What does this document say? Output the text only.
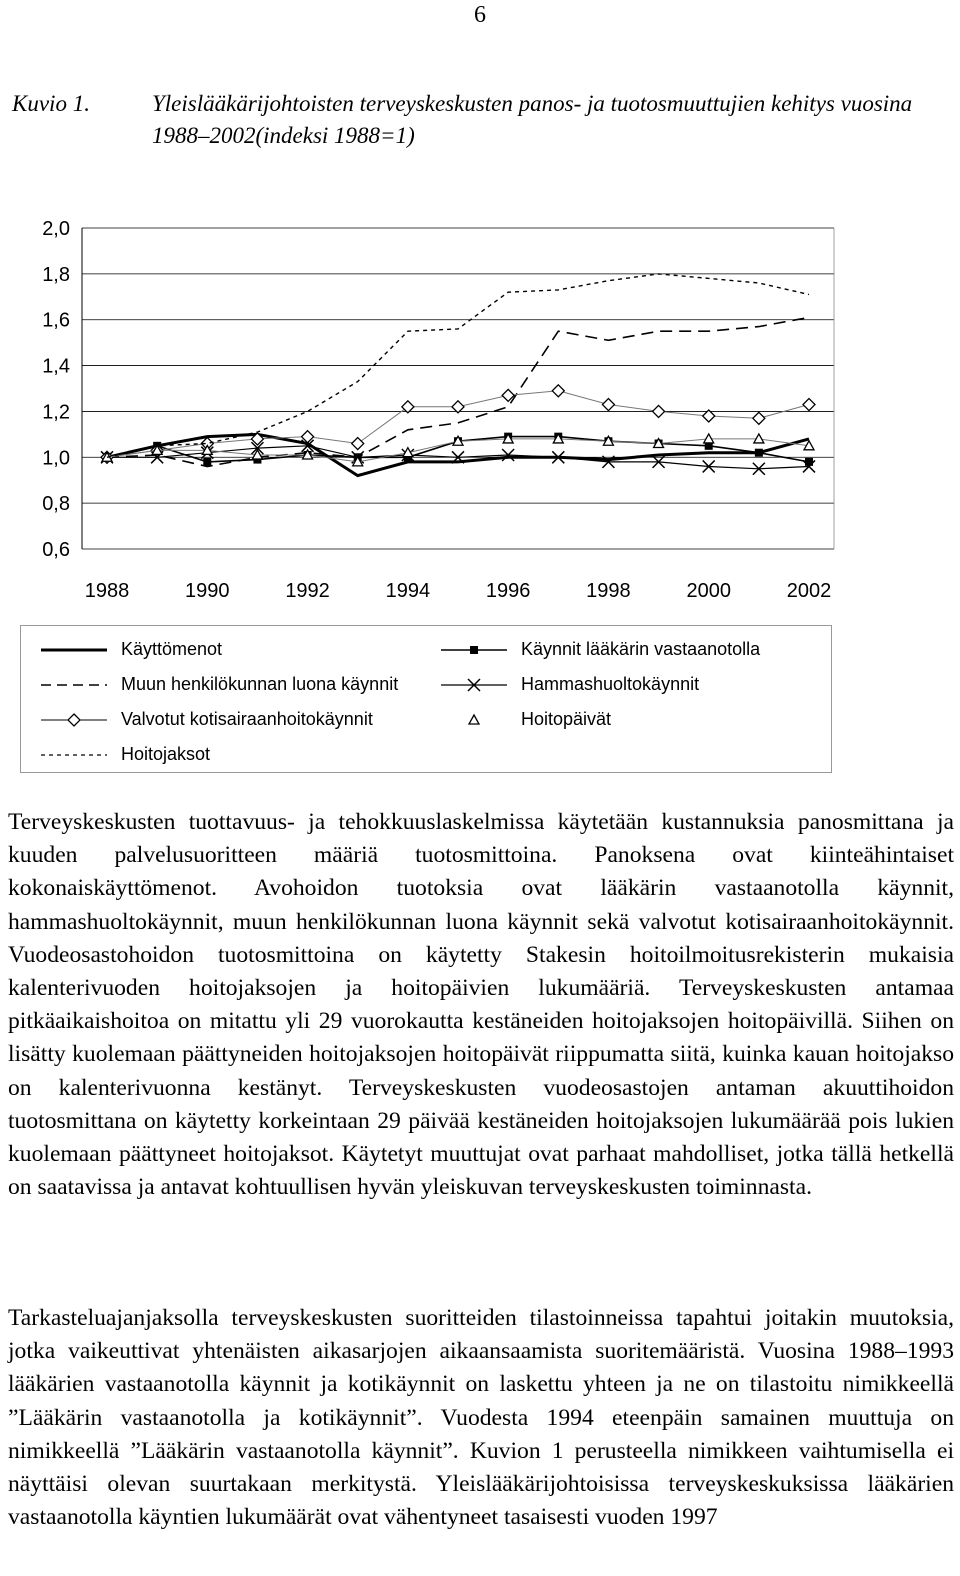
6
Kuvio 1.	Yleislääkärijohtoisten terveyskeskusten panos- ja tuotosmuuttujien kehitys vuosina 1988–2002(indeksi 1988=1)
2,0
1,8
1,6
1,4
1,2
1,0
0,8
0,6
1988	1990	1992	1994	1996	1998	2000	2002
Käyttömenot
Muun henkilökunnan luona käynnit
Valvotut kotisairaanhoitokäynnit
Hoitojaksot
Käynnit lääkärin vastaanotolla
Hammashuoltokäynnit
Hoitopäivät

Terveyskeskusten tuottavuus- ja tehokkuuslaskelmissa käytetään kustannuksia panosmittana ja kuuden palvelusuoritteen määriä tuotosmittoina. Panoksena ovat kiinteähintaiset kokonaiskäyttömenot. Avohoidon tuotoksia ovat lääkärin vastaanotolla käynnit, hammashuoltokäynnit, muun henkilökunnan luona käynnit sekä valvotut kotisairaanhoitokäynnit. Vuodeosastohoidon tuotosmittoina on käytetty Stakesin hoitoilmoitusrekisterin mukaisia kalenterivuoden hoitojaksojen ja hoitopäivien lukumääriä. Terveyskeskusten antamaa pitkäaikaishoitoa on mitattu yli 29 vuorokautta kestäneiden hoitojaksojen hoitopäivillä. Siihen on lisätty kuolemaan päättyneiden hoitojaksojen hoitopäivät riippumatta siitä, kuinka kauan hoitojakso on kalenterivuonna kestänyt. Terveyskeskusten vuodeosastojen antaman akuuttihoidon tuotosmittana on käytetty korkeintaan 29 päivää kestäneiden hoitojaksojen lukumäärää pois lukien kuolemaan päättyneet hoitojaksot. Käytetyt muuttujat ovat parhaat mahdolliset, jotka tällä hetkellä on saatavissa ja antavat kohtuullisen hyvän yleiskuvan terveyskeskusten toiminnasta.

Tarkasteluajanjaksolla terveyskeskusten suoritteiden tilastoinneissa tapahtui joitakin muutoksia, jotka vaikeuttivat yhtenäisten aikasarjojen aikaansaamista suoritemääristä. Vuosina 1988–1993 lääkärien vastaanotolla käynnit ja kotikäynnit on laskettu yhteen ja ne on tilastoitu nimikkeellä ”Lääkärin vastaanotolla ja kotikäynnit”. Vuodesta 1994 eteenpäin samainen muuttuja on nimikkeellä ”Lääkärin vastaanotolla käynnit”. Kuvion 1 perusteella nimikkeen vaihtumisella ei näyttäisi olevan suurtakaan merkitystä. Yleislääkärijohtoisissa terveyskeskuksissa lääkärien vastaanotolla käyntien lukumäärät ovat vähentyneet tasaisesti vuoden 1997
